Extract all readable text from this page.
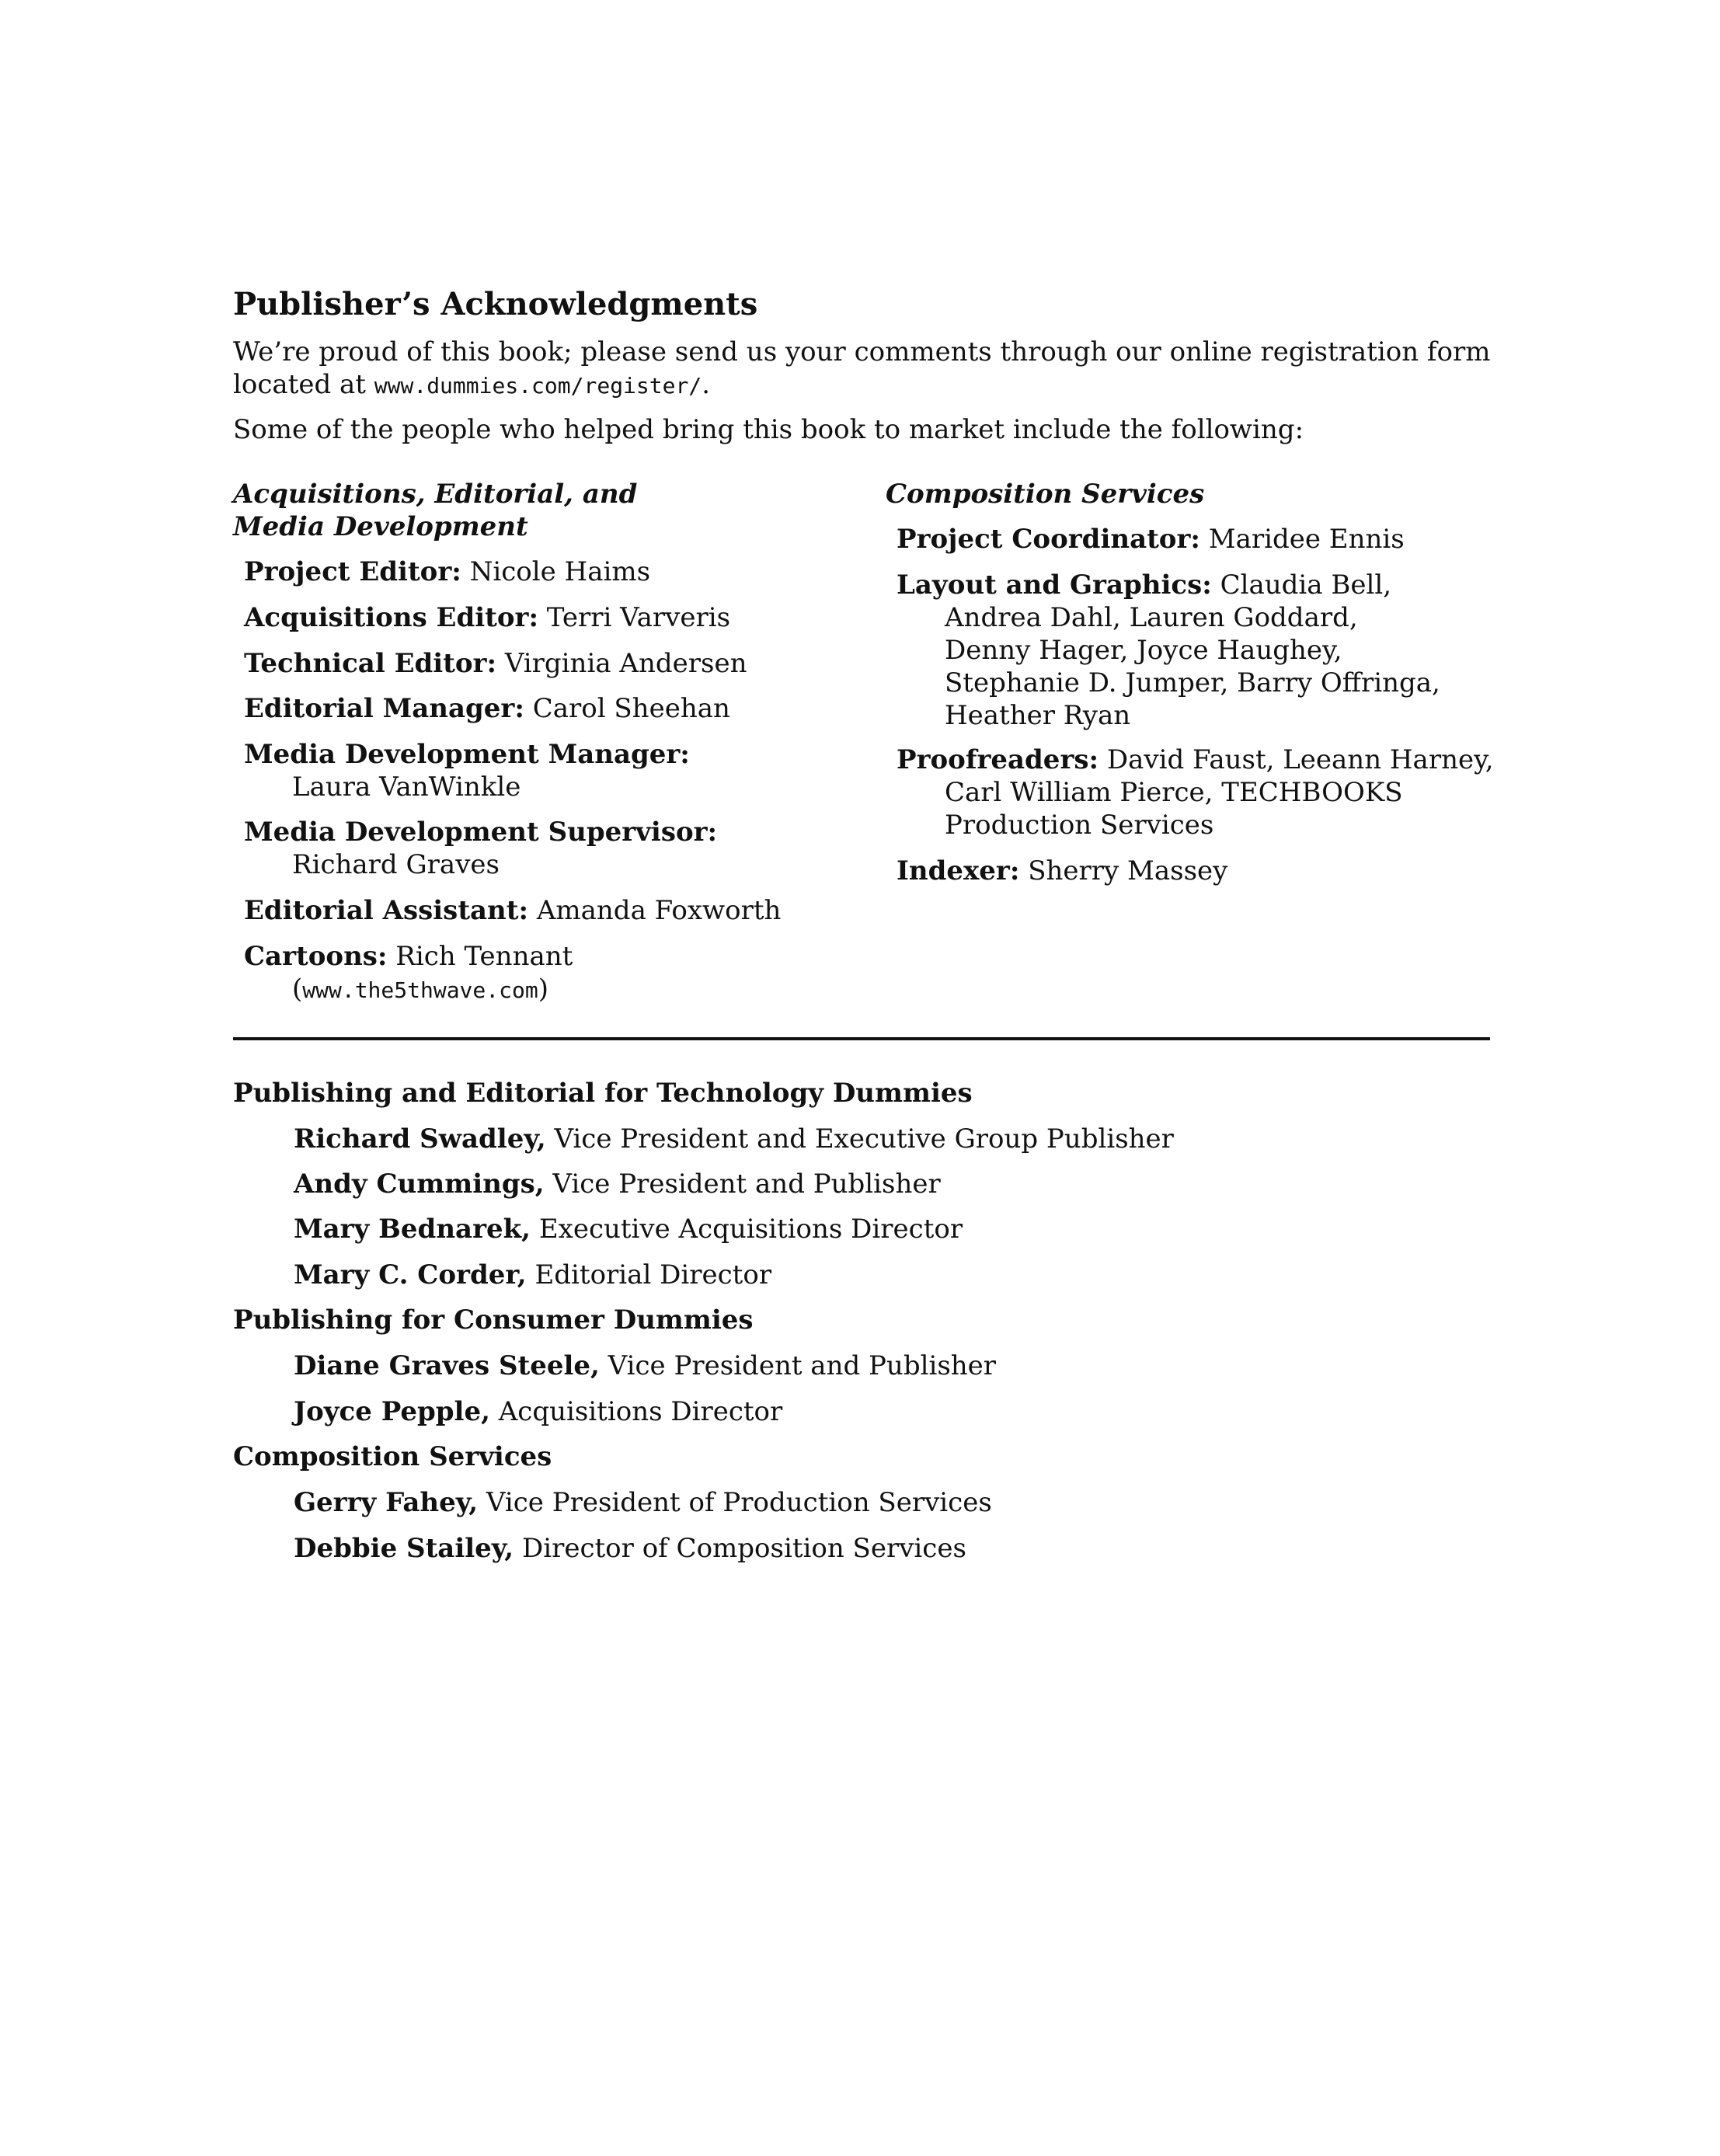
Publisher’s Acknowledgments
We’re proud of this book; please send us your comments through our online registration form
located at www.dummies.com/register/.
Some of the people who helped bring this book to market include the following:
Acquisitions, Editorial, and
Media Development
Project Editor: Nicole Haims
Acquisitions Editor: Terri Varveris
Technical Editor: Virginia Andersen
Editorial Manager: Carol Sheehan
Media Development Manager:
Laura VanWinkle
Media Development Supervisor:
Richard Graves
Editorial Assistant: Amanda Foxworth
Cartoons: Rich Tennant
(www.the5thwave.com)
Composition Services
Project Coordinator: Maridee Ennis
Layout and Graphics: Claudia Bell,
Andrea Dahl, Lauren Goddard,
Denny Hager, Joyce Haughey,
Stephanie D. Jumper, Barry Offringa,
Heather Ryan
Proofreaders: David Faust, Leeann Harney,
Carl William Pierce, TECHBOOKS
Production Services
Indexer: Sherry Massey
Publishing and Editorial for Technology Dummies
Richard Swadley, Vice President and Executive Group Publisher
Andy Cummings, Vice President and Publisher
Mary Bednarek, Executive Acquisitions Director
Mary C. Corder, Editorial Director
Publishing for Consumer Dummies
Diane Graves Steele, Vice President and Publisher
Joyce Pepple, Acquisitions Director
Composition Services
Gerry Fahey, Vice President of Production Services
Debbie Stailey, Director of Composition Services
